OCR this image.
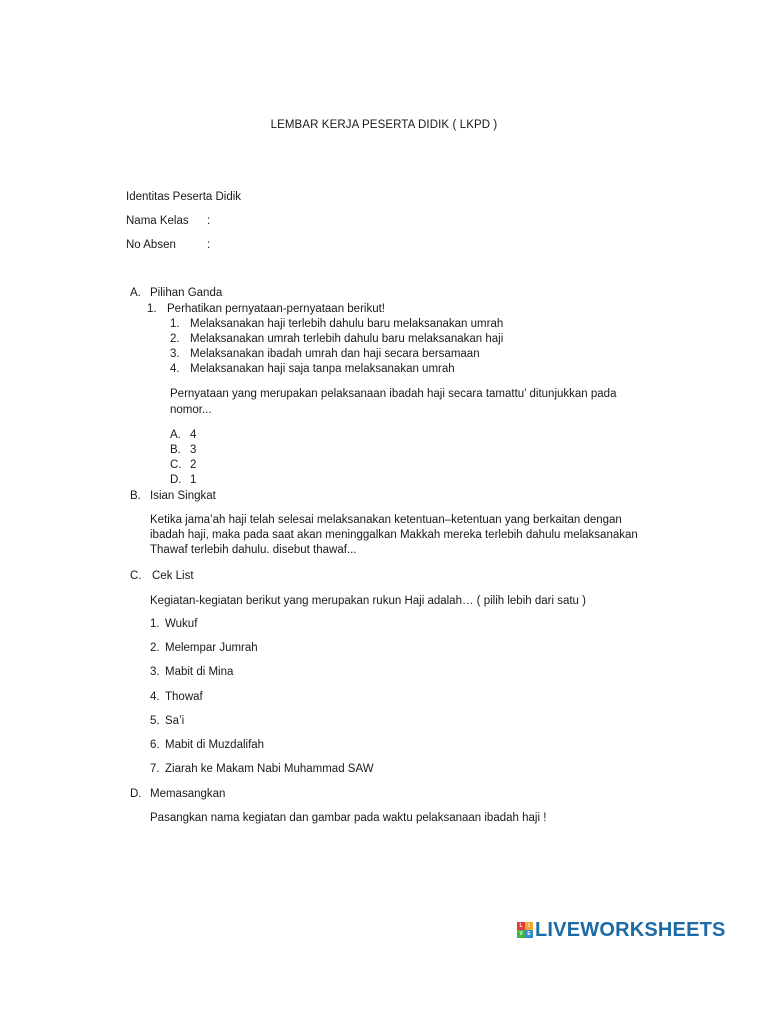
LEMBAR KERJA PESERTA DIDIK ( LKPD )
Identitas Peserta Didik
Nama Kelas :
No Absen	:
A. Pilihan Ganda
1. Perhatikan pernyataan-pernyataan berikut!
1. Melaksanakan haji terlebih dahulu baru melaksanakan umrah
2. Melaksanakan umrah terlebih dahulu baru melaksanakan haji
3. Melaksanakan ibadah umrah dan haji secara bersamaan
4. Melaksanakan haji saja tanpa melaksanakan umrah
Pernyataan yang merupakan pelaksanaan ibadah haji secara tamattu’ ditunjukkan pada
nomor...
A. 4
B. 3
C. 2
D. 1
B. Isian Singkat
Ketika jama’ah haji telah selesai melaksanakan ketentuan–ketentuan yang berkaitan dengan
ibadah haji, maka pada saat akan meninggalkan Makkah mereka terlebih dahulu melaksanakan
Thawaf terlebih dahulu. disebut thawaf...
C. Cek List
Kegiatan-kegiatan berikut yang merupakan rukun Haji adalah… ( pilih lebih dari satu )
1. Wukuf
2. Melempar Jumrah
3. Mabit di Mina
4. Thowaf
5. Sa’i
6. Mabit di Muzdalifah
7. Ziarah ke Makam Nabi Muhammad SAW
D. Memasangkan
Pasangkan nama kegiatan dan gambar pada waktu pelaksanaan ibadah haji !
L	I
V E LIVEWORKSHEETS
